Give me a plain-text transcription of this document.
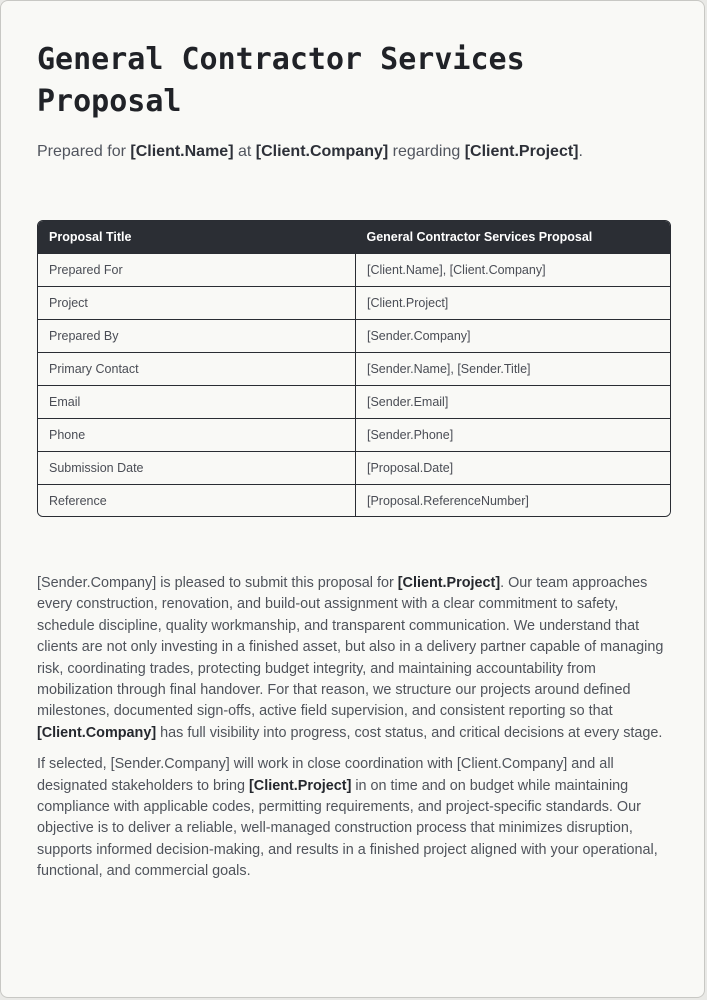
General Contractor Services Proposal

Prepared for [Client.Name] at [Client.Company] regarding [Client.Project].

Proposal Title	General Contractor Services Proposal
Prepared For	[Client.Name], [Client.Company]
Project	[Client.Project]
Prepared By	[Sender.Company]
Primary Contact	[Sender.Name], [Sender.Title]
Email	[Sender.Email]
Phone	[Sender.Phone]
Submission Date	[Proposal.Date]
Reference	[Proposal.ReferenceNumber]

[Sender.Company] is pleased to submit this proposal for [Client.Project]. Our team approaches every construction, renovation, and build-out assignment with a clear commitment to safety, schedule discipline, quality workmanship, and transparent communication. We understand that clients are not only investing in a finished asset, but also in a delivery partner capable of managing risk, coordinating trades, protecting budget integrity, and maintaining accountability from mobilization through final handover. For that reason, we structure our projects around defined milestones, documented sign-offs, active field supervision, and consistent reporting so that [Client.Company] has full visibility into progress, cost status, and critical decisions at every stage.

If selected, [Sender.Company] will work in close coordination with [Client.Company] and all designated stakeholders to bring [Client.Project] in on time and on budget while maintaining compliance with applicable codes, permitting requirements, and project-specific standards. Our objective is to deliver a reliable, well-managed construction process that minimizes disruption, supports informed decision-making, and results in a finished project aligned with your operational, functional, and commercial goals.
